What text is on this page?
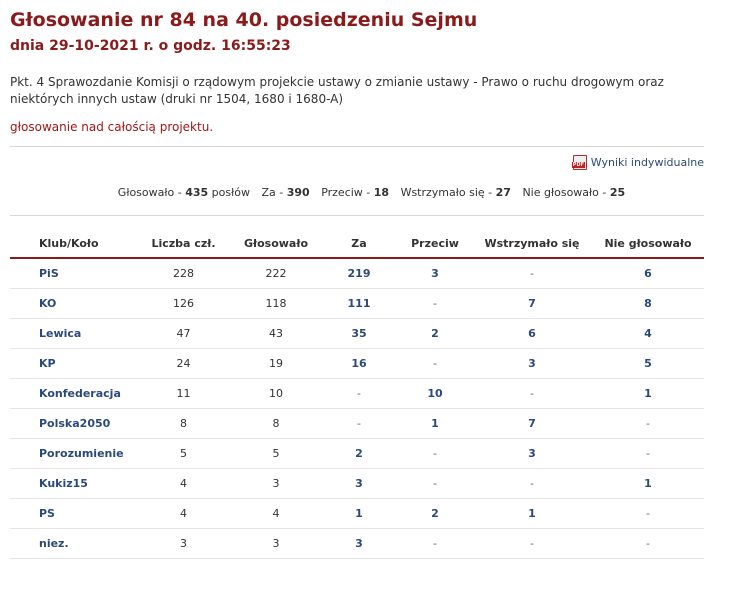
Głosowanie nr 84 na 40. posiedzeniu Sejmu
dnia 29-10-2021 r. o godz. 16:55:23
Pkt. 4 Sprawozdanie Komisji o rządowym projekcie ustawy o zmianie ustawy - Prawo o ruchu drogowym oraz niektórych innych ustaw (druki nr 1504, 1680 i 1680-A)
głosowanie nad całością projektu.
PDF
Wyniki indywidualne
Głosowało - 435 posłów Za - 390 Przeciw - 18 Wstrzymało się - 27 Nie głosowało - 25
Klub/Koło	Liczba czł.	Głosowało	Za	Przeciw	Wstrzymało się	Nie głosowało
PiS	228	222	219	3	-	6
KO	126	118	111	-	7	8
Lewica	47	43	35	2	6	4
KP	24	19	16	-	3	5
Konfederacja	11	10	-	10	-	1
Polska2050	8	8	-	1	7	-
Porozumienie	5	5	2	-	3	-
Kukiz15	4	3	3	-	-	1
PS	4	4	1	2	1	-
niez.	3	3	3	-	-	-
